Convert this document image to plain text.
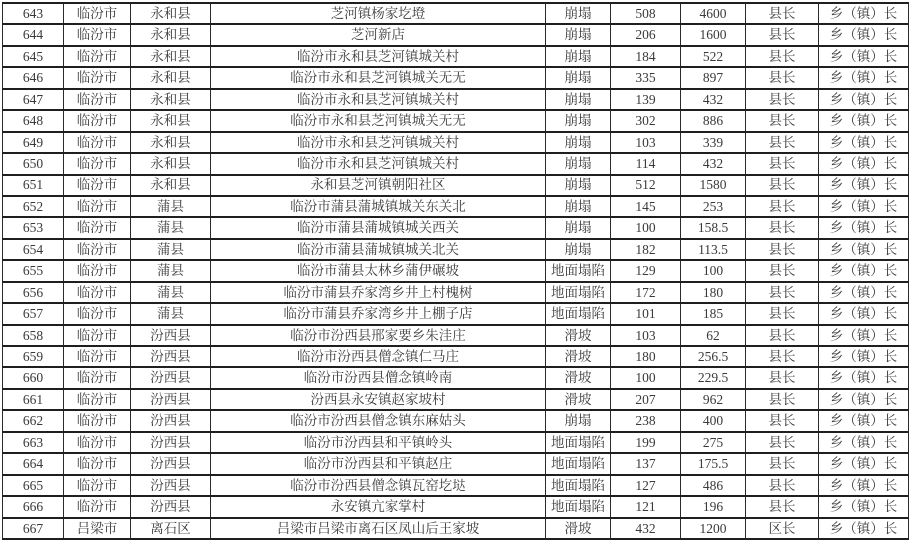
643	临汾市	永和县	芝河镇杨家圪墱	崩塌	508	4600	县长	乡（镇）长
644	临汾市	永和县	芝河新店	崩塌	206	1600	县长	乡（镇）长
645	临汾市	永和县	临汾市永和县芝河镇城关村	崩塌	184	522	县长	乡（镇）长
646	临汾市	永和县	临汾市永和县芝河镇城关无无	崩塌	335	897	县长	乡（镇）长
647	临汾市	永和县	临汾市永和县芝河镇城关村	崩塌	139	432	县长	乡（镇）长
648	临汾市	永和县	临汾市永和县芝河镇城关无无	崩塌	302	886	县长	乡（镇）长
649	临汾市	永和县	临汾市永和县芝河镇城关村	崩塌	103	339	县长	乡（镇）长
650	临汾市	永和县	临汾市永和县芝河镇城关村	崩塌	114	432	县长	乡（镇）长
651	临汾市	永和县	永和县芝河镇朝阳社区	崩塌	512	1580	县长	乡（镇）长
652	临汾市	蒲县	临汾市蒲县蒲城镇城关东关北	崩塌	145	253	县长	乡（镇）长
653	临汾市	蒲县	临汾市蒲县蒲城镇城关西关	崩塌	100	158.5	县长	乡（镇）长
654	临汾市	蒲县	临汾市蒲县蒲城镇城关北关	崩塌	182	113.5	县长	乡（镇）长
655	临汾市	蒲县	临汾市蒲县太林乡蒲伊碾坡	地面塌陷	129	100	县长	乡（镇）长
656	临汾市	蒲县	临汾市蒲县乔家湾乡井上村槐树	地面塌陷	172	180	县长	乡（镇）长
657	临汾市	蒲县	临汾市蒲县乔家湾乡井上棚子店	地面塌陷	101	185	县长	乡（镇）长
658	临汾市	汾西县	临汾市汾西县邢家要乡朱洼庄	滑坡	103	62	县长	乡（镇）长
659	临汾市	汾西县	临汾市汾西县僧念镇仁马庄	滑坡	180	256.5	县长	乡（镇）长
660	临汾市	汾西县	临汾市汾西县僧念镇岭南	滑坡	100	229.5	县长	乡（镇）长
661	临汾市	汾西县	汾西县永安镇赵家坡村	滑坡	207	962	县长	乡（镇）长
662	临汾市	汾西县	临汾市汾西县僧念镇东麻姑头	崩塌	238	400	县长	乡（镇）长
663	临汾市	汾西县	临汾市汾西县和平镇岭头	地面塌陷	199	275	县长	乡（镇）长
664	临汾市	汾西县	临汾市汾西县和平镇赵庄	地面塌陷	137	175.5	县长	乡（镇）长
665	临汾市	汾西县	临汾市汾西县僧念镇瓦窑圪垯	地面塌陷	127	486	县长	乡（镇）长
666	临汾市	汾西县	永安镇亢家掌村	地面塌陷	121	196	县长	乡（镇）长
667	吕梁市	离石区	吕梁市吕梁市离石区凤山后王家坡	滑坡	432	1200	区长	乡（镇）长
